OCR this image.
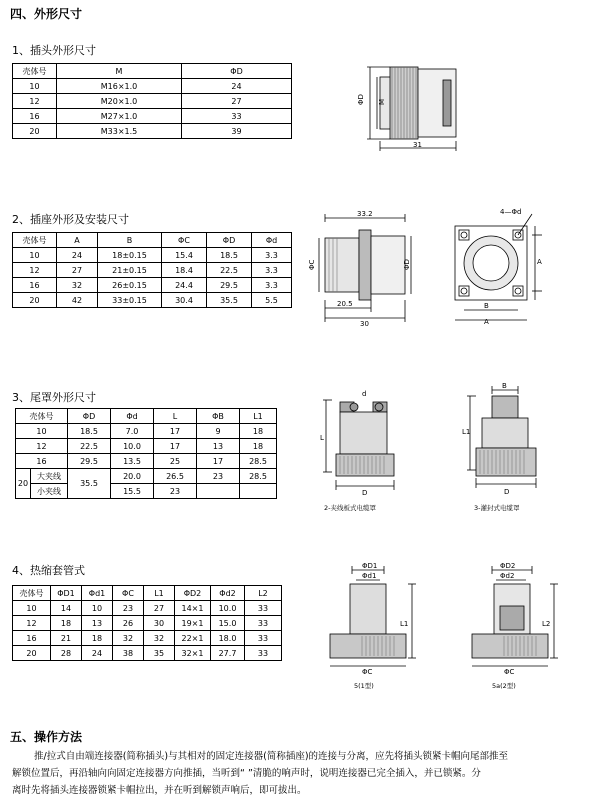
四、外形尺寸
1、插头外形尺寸
壳体号	M	ΦD
10	M16×1.0	24
12	M20×1.0	27
16	M27×1.0	33
20	M33×1.5	39
ΦD M
31
2、插座外形及安装尺寸
壳体号	A	B	ΦC	ΦD	Φd
10	24	18±0.15	15.4	18.5	3.3
12	27	21±0.15	18.4	22.5	3.3
16	32	26±0.15	24.4	29.5	3.3
20	42	33±0.15	30.4	35.5	5.5
33.2
ΦC	ΦD
20.5
30
4—Φd
A
B
A
3、尾罩外形尺寸
壳体号		ΦD	Φd	L	ΦB	L1
10		18.5	7.0	17	9	18
12		22.5	10.0	17	13	18
16		29.5	13.5	25	17	28.5
20	大夹线	35.5	20.0	26.5	23	28.5
	小夹线		15.5	23		
d
L
D
2-夹线板式电缆罩
B
L1
D
3-灌封式电缆罩
4、热缩套管式
壳体号	ΦD1	Φd1	ΦC	L1	ΦD2	Φd2	L2
10	14	10	23	27	14×1	10.0	33
12	18	13	26	30	19×1	15.0	33
16	21	18	32	32	22×1	18.0	33
20	28	24	38	35	32×1	27.7	33
ΦD1
Φd1
L1
ΦC
5(1型)
ΦD2
Φd2
L2
ΦC
5a(2型)
五、操作方法
推/拉式自由端连接器(简称插头)与其相对的固定连接器(简称插座)的连接与分离，应先将插头锁紧卡帽向尾部推至
解锁位置后，再沿轴向向固定连接器方向推插，当听到“ ”清脆的响声时，说明连接器已完全插入，并已锁紧。分
离时先将插头连接器锁紧卡帽拉出，并在听到解锁声响后，即可拔出。
